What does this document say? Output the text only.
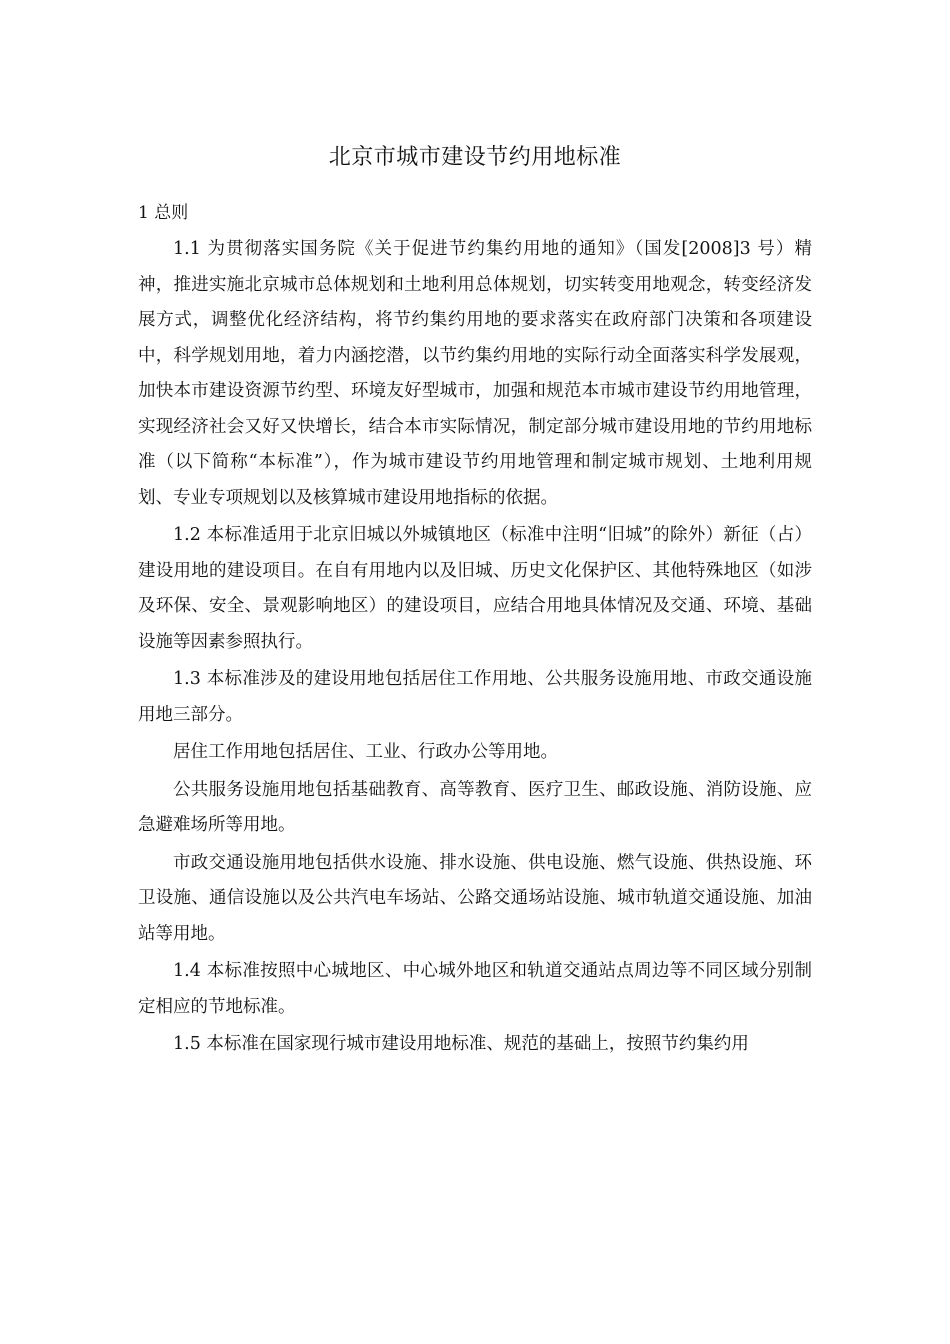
北京市城市建设节约用地标准
1 总则

1.1 为贯彻落实国务院《关于促进节约集约用地的通知》（国发[2008]3 号）精神，推进实施北京城市总体规划和土地利用总体规划，切实转变用地观念，转变经济发展方式，调整优化经济结构，将节约集约用地的要求落实在政府部门决策和各项建设中，科学规划用地，着力内涵挖潜，以节约集约用地的实际行动全面落实科学发展观，加快本市建设资源节约型、环境友好型城市，加强和规范本市城市建设节约用地管理，实现经济社会又好又快增长，结合本市实际情况，制定部分城市建设用地的节约用地标准（以下简称“本标准”），作为城市建设节约用地管理和制定城市规划、土地利用规划、专业专项规划以及核算城市建设用地指标的依据。

1.2 本标准适用于北京旧城以外城镇地区（标准中注明“旧城”的除外）新征（占）建设用地的建设项目。在自有用地内以及旧城、历史文化保护区、其他特殊地区（如涉及环保、安全、景观影响地区）的建设项目，应结合用地具体情况及交通、环境、基础设施等因素参照执行。

1.3 本标准涉及的建设用地包括居住工作用地、公共服务设施用地、市政交通设施用地三部分。

居住工作用地包括居住、工业、行政办公等用地。

公共服务设施用地包括基础教育、高等教育、医疗卫生、邮政设施、消防设施、应急避难场所等用地。

市政交通设施用地包括供水设施、排水设施、供电设施、燃气设施、供热设施、环卫设施、通信设施以及公共汽电车场站、公路交通场站设施、城市轨道交通设施、加油站等用地。

1.4 本标准按照中心城地区、中心城外地区和轨道交通站点周边等不同区域分别制定相应的节地标准。

1.5 本标准在国家现行城市建设用地标准、规范的基础上，按照节约集约用
